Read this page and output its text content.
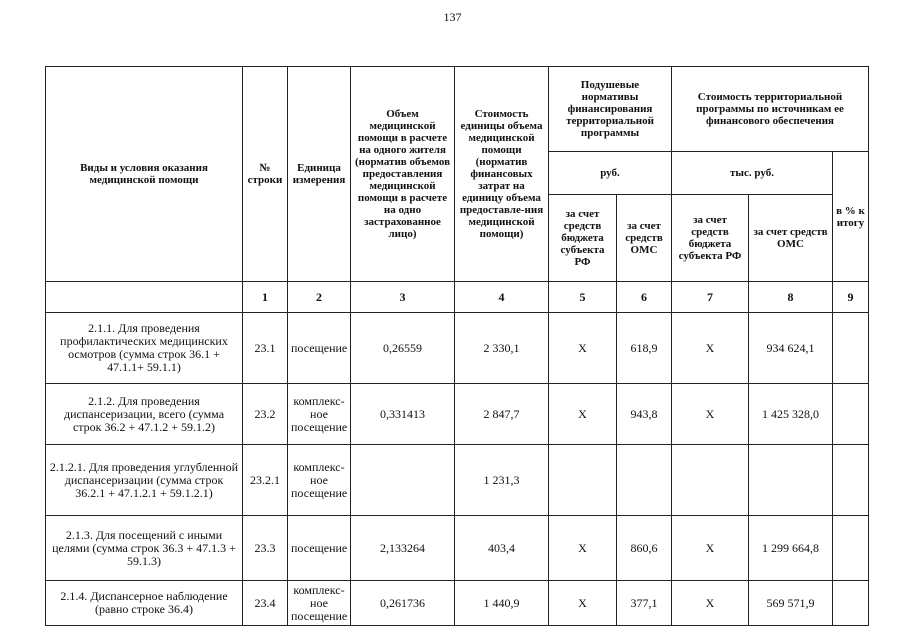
137
Виды и условия оказания медицинской помощи	№ строки	Единица измерения	Объем медицинской помощи в расчете на одного жителя (норматив объемов предоставления медицинской помощи в расчете на одно застрахованное лицо)	Стоимость единицы объема медицинской помощи (норматив финансовых затрат на единицу объема предоставле-ния медицинской помощи)	Подушевые нормативы финансирования территориальной программы		Стоимость территориальной программы по источникам ее финансового обеспечения		
					руб.		тыс. руб.		в % к итогу
					за счет средств бюджета субъекта РФ	за счет средств ОМС	за счет средств бюджета субъекта РФ	за счет средств ОМС	
	1	2	3	4	5	6	7	8	9
2.1.1. Для проведения профилактических медицинских осмотров (сумма строк 36.1 + 47.1.1+ 59.1.1)	23.1	посещение	0,26559	2 330,1	Х	618,9	Х	934 624,1	
2.1.2. Для проведения диспансеризации, всего (сумма строк 36.2 + 47.1.2 + 59.1.2)	23.2	комплекс-ное посещение	0,331413	2 847,7	Х	943,8	Х	1 425 328,0	
2.1.2.1. Для проведения углубленной диспансеризации (сумма строк 36.2.1 + 47.1.2.1 + 59.1.2.1)	23.2.1	комплекс-ное посещение		1 231,3					
2.1.3. Для посещений с иными целями (сумма строк 36.3 + 47.1.3 + 59.1.3)	23.3	посещение	2,133264	403,4	Х	860,6	Х	1 299 664,8	
2.1.4. Диспансерное наблюдение (равно строке 36.4)	23.4	комплекс-ное посещение	0,261736	1 440,9	Х	377,1	Х	569 571,9	
